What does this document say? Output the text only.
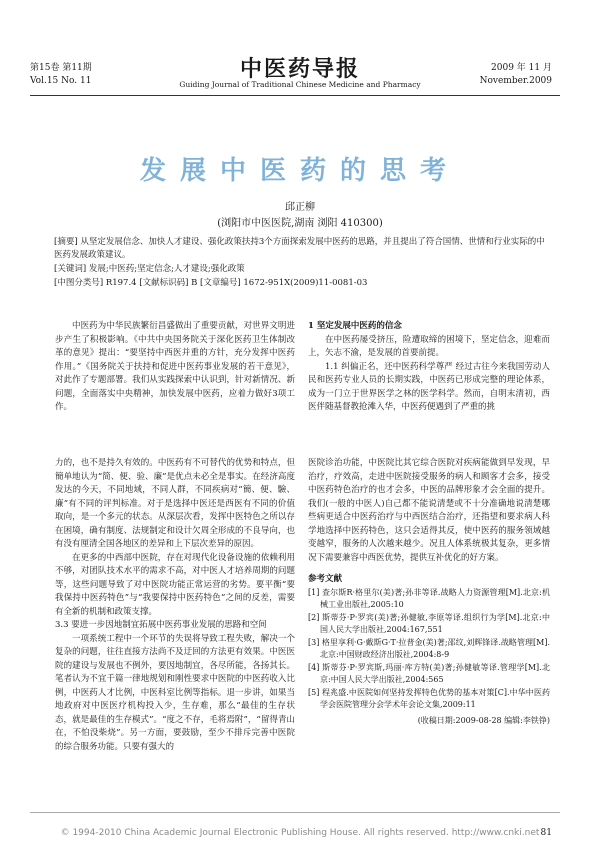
第15卷 第11期
Vol.15 No. 11	中医药导报
Guiding Journal of Traditional Chinese Medicine and Pharmacy
2009 年 11 月
November.2009
发展中医药的思考
邱正柳
(浏阳市中医医院,湖南 浏阳 410300)

[摘要] 从坚定发展信念、加快人才建设、强化政策扶持3个方面探索发展中医药的思路，并且提出了符合国情、世情和行业实际的中医药发展政策建议。

[关键词] 发展;中医药;坚定信念;人才建设;强化政策

[中图分类号] R197.4 [文献标识码] B [文章编号] 1672-951X(2009)11-0081-03

中医药为中华民族繁衍昌盛做出了重要贡献，对世界文明进步产生了积极影响。《中共中央国务院关于深化医药卫生体制改革的意见》提出：“要坚持中西医并重的方针，充分发挥中医药作用。”《国务院关于扶持和促进中医药事业发展的若干意见》，对此作了专题部署。我们从实践探索中认识到，针对新情况、新问题，全面落实中央精神，加快发展中医药，应着力做好3项工作。

1 坚定发展中医药的信念

在中医药屡受挤压，险遭取缔的困境下，坚定信念，迎难而上，矢志不渝，是发展的首要前提。

1.1 纠偏正名，还中医药科学尊严 经过古往今来我国劳动人民和医药专业人员的长期实践，中医药已形成完整的理论体系，成为一门立于世界医学之林的医学科学。然而，自明末清初，西医伴随基督教抢滩入华，中医药便遇到了严重的挑

力的，也不是持久有效的。中医药有不可替代的优势和特点，但簡单地认为“简、便、验、廉”是优点未必全是事实。在经济高度发达的今天，不同地域，不同人群，不同疾病对“簡、便、驗、廉”有不同的评判标准。对于是选择中医还是西医有不同的价值取向，是一个多元的状态。从深层次看，发挥中医特色之所以存在困境，确有制度、法规制定和设计欠周全形成的不良导向，也有没有厘清全国各地区的差异和上下层次差异的原因。

在更多的中西部中医院，存在对现代化设备设施的依赖利用不够，对团队技术水平的需求不高，对中医人才培养周期的问题等，这些问题导致了对中医院功能正常运营的劣势。要平衡“要我保持中医药特色”与“我要保持中医药特色”之间的反差，需要有全新的机制和政策支撑。

3.3 要进一步因地制宜拓展中医药事业发展的思路和空间

一项系统工程中一个环节的失误将导致工程失败，解决一个复杂的问题，往往直接方法尚不及迂回的方法更有效果。中医医院的建设与发展也不例外，要因地制宜，各尽所能，各扬其长。笔者认为不宜千篇一律地规划和刚性要求中医院的中医药收入比例，中医药人才比例，中医科室比例等指标。退一步讲，如果当地政府对中医医疗机构投入少，生存难，那么“最佳的生存状态，就是最佳的生存模式”。“度之不存，毛将焉附”，“留得青山在，不怕没柴烧”。另一方面，要鼓励，至少不排斥完善中医院的综合服务功能。只要有强大的

医院诊治功能，中医院比其它综合医院对疾病能做到早发现，早治疗，疗效高，走进中医院接受服务的病人和顾客才会多，接受中医药特色治疗的也才会多，中医的品牌形象才会全面的提升。我们(一般的中医人)自己都不能说清楚或不十分准确地说清楚哪些病更适合中医药治疗与中西医结合治疗，还指望和要求病人科学地选择中医药特色，这只会适得其反，使中医药的服务领域越变越窄，服务的人次越来越少。况且人体系统极其复杂，更多情况下需要兼容中西医优势，提供互补优化的好方案。

参考文献

[1] 查尔斯R·格里尔(美)著;孙非等译.战略人力资源管理[M].北京:机械工业出版社,2005:10

[2] 斯蒂芬·P·罗宾(美)著;孙健敏,李原等译.组织行为学[M].北京:中国人民大学出版社,2004:167,551

[3] 格里享利·G·戴斯G·T·拉普金(美)著;邵纹,刘辉锋译.战略管理[M].北京:中国财政经济出版社,2004:8-9

[4] 斯蒂芬·P·罗宾斯,玛丽·库方特(美)著;孙健敏等译.管理学[M].北京:中国人民大学出版社,2004:565

[5] 程兆盛.中医院如何坚持发挥特色优势的基本对策[C].中华中医药学会医院管理分会学术年会论文集,2009:11

(收稿日期:2009-08-28 编辑:李铁铮)

© 1994-2010 China Academic Journal Electronic Publishing House. All rights reserved. http://www.cnki.net 81
